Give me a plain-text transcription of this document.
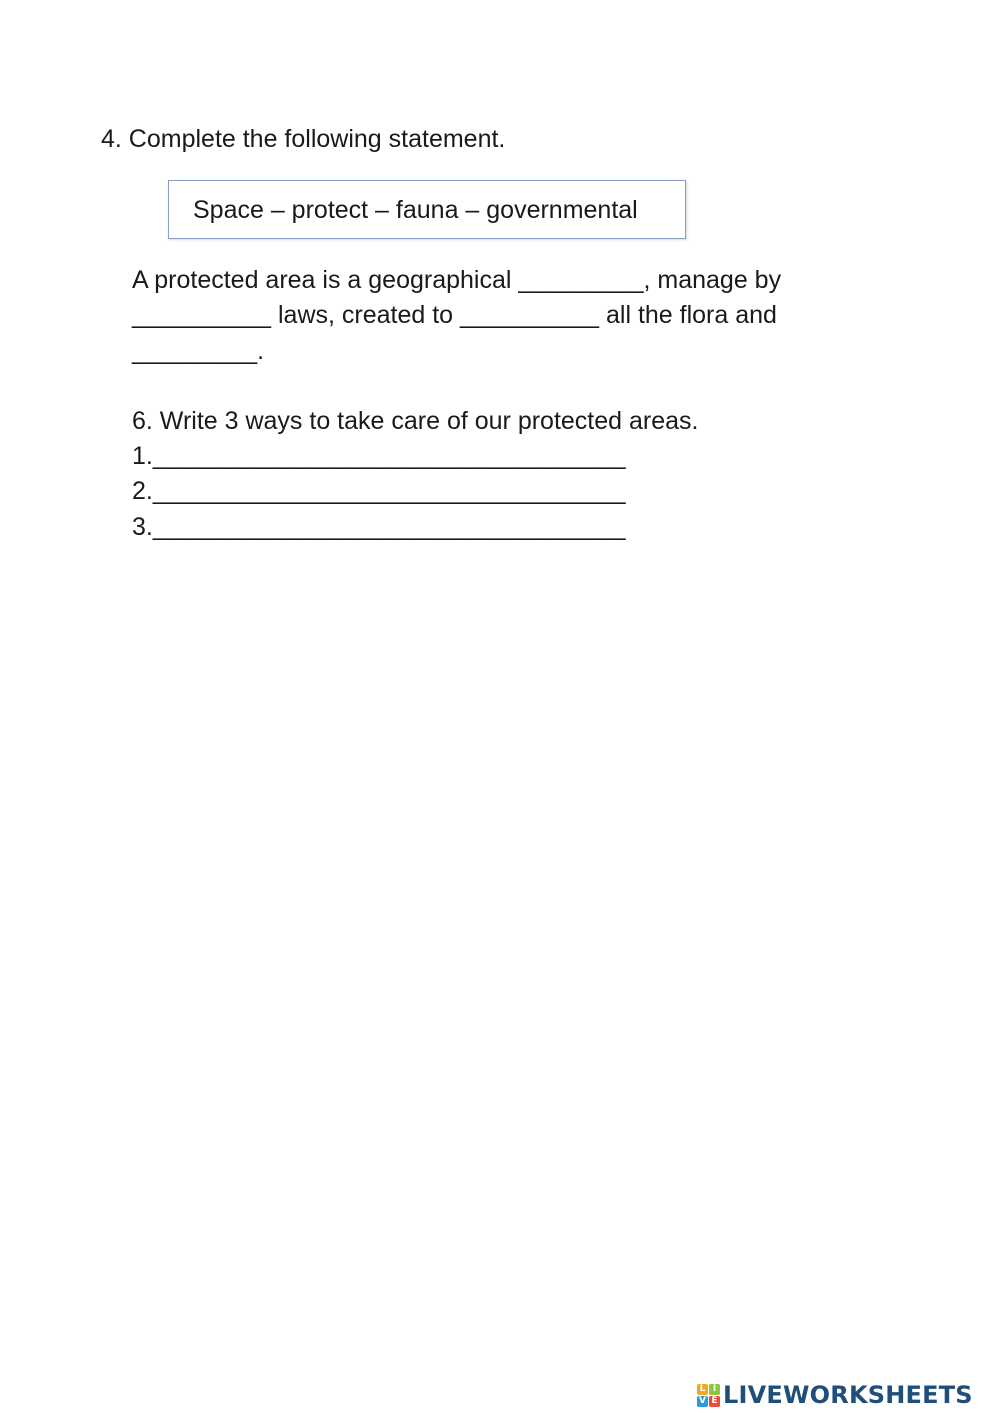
4. Complete the following statement.

Space – protect – fauna – governmental

A protected area is a geographical _________, manage by

__________ laws, created to __________ all the flora and

_________.

6. Write 3 ways to take care of our protected areas.

1.__________________________________

2.__________________________________

3.__________________________________

L I
V E LIVEWORKSHEETS
